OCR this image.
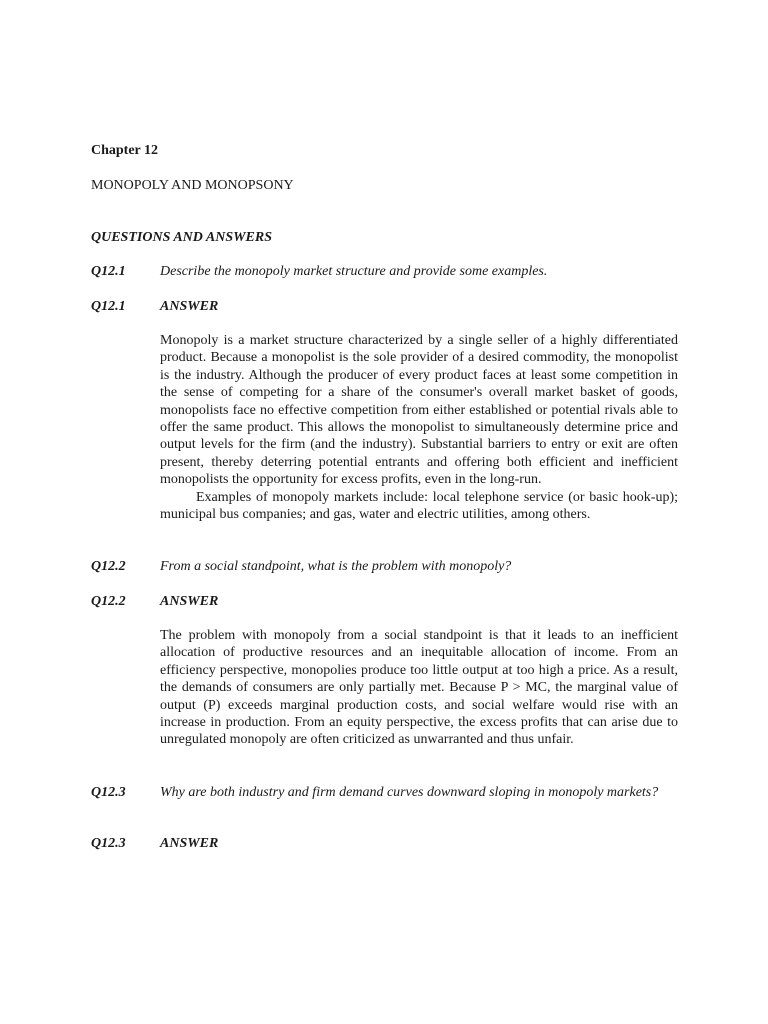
Chapter 12
MONOPOLY AND MONOPSONY
QUESTIONS AND ANSWERS
Q12.1 Describe the monopoly market structure and provide some examples.
Q12.1 ANSWER

Monopoly is a market structure characterized by a single seller of a highly differentiated product. Because a monopolist is the sole provider of a desired commodity, the monopolist is the industry. Although the producer of every product faces at least some competition in the sense of competing for a share of the consumer's overall market basket of goods, monopolists face no effective competition from either established or potential rivals able to offer the same product. This allows the monopolist to simultaneously determine price and output levels for the firm (and the industry). Substantial barriers to entry or exit are often present, thereby deterring potential entrants and offering both efficient and inefficient monopolists the opportunity for excess profits, even in the long-run.

Examples of monopoly markets include: local telephone service (or basic hook-up); municipal bus companies; and gas, water and electric utilities, among others.

Q12.2 From a social standpoint, what is the problem with monopoly?
Q12.2 ANSWER

The problem with monopoly from a social standpoint is that it leads to an inefficient allocation of productive resources and an inequitable allocation of income. From an efficiency perspective, monopolies produce too little output at too high a price. As a result, the demands of consumers are only partially met. Because P > MC, the marginal value of output (P) exceeds marginal production costs, and social welfare would rise with an increase in production. From an equity perspective, the excess profits that can arise due to unregulated monopoly are often criticized as unwarranted and thus unfair.

Q12.3 Why are both industry and firm demand curves downward sloping in monopoly markets?
Q12.3 ANSWER
